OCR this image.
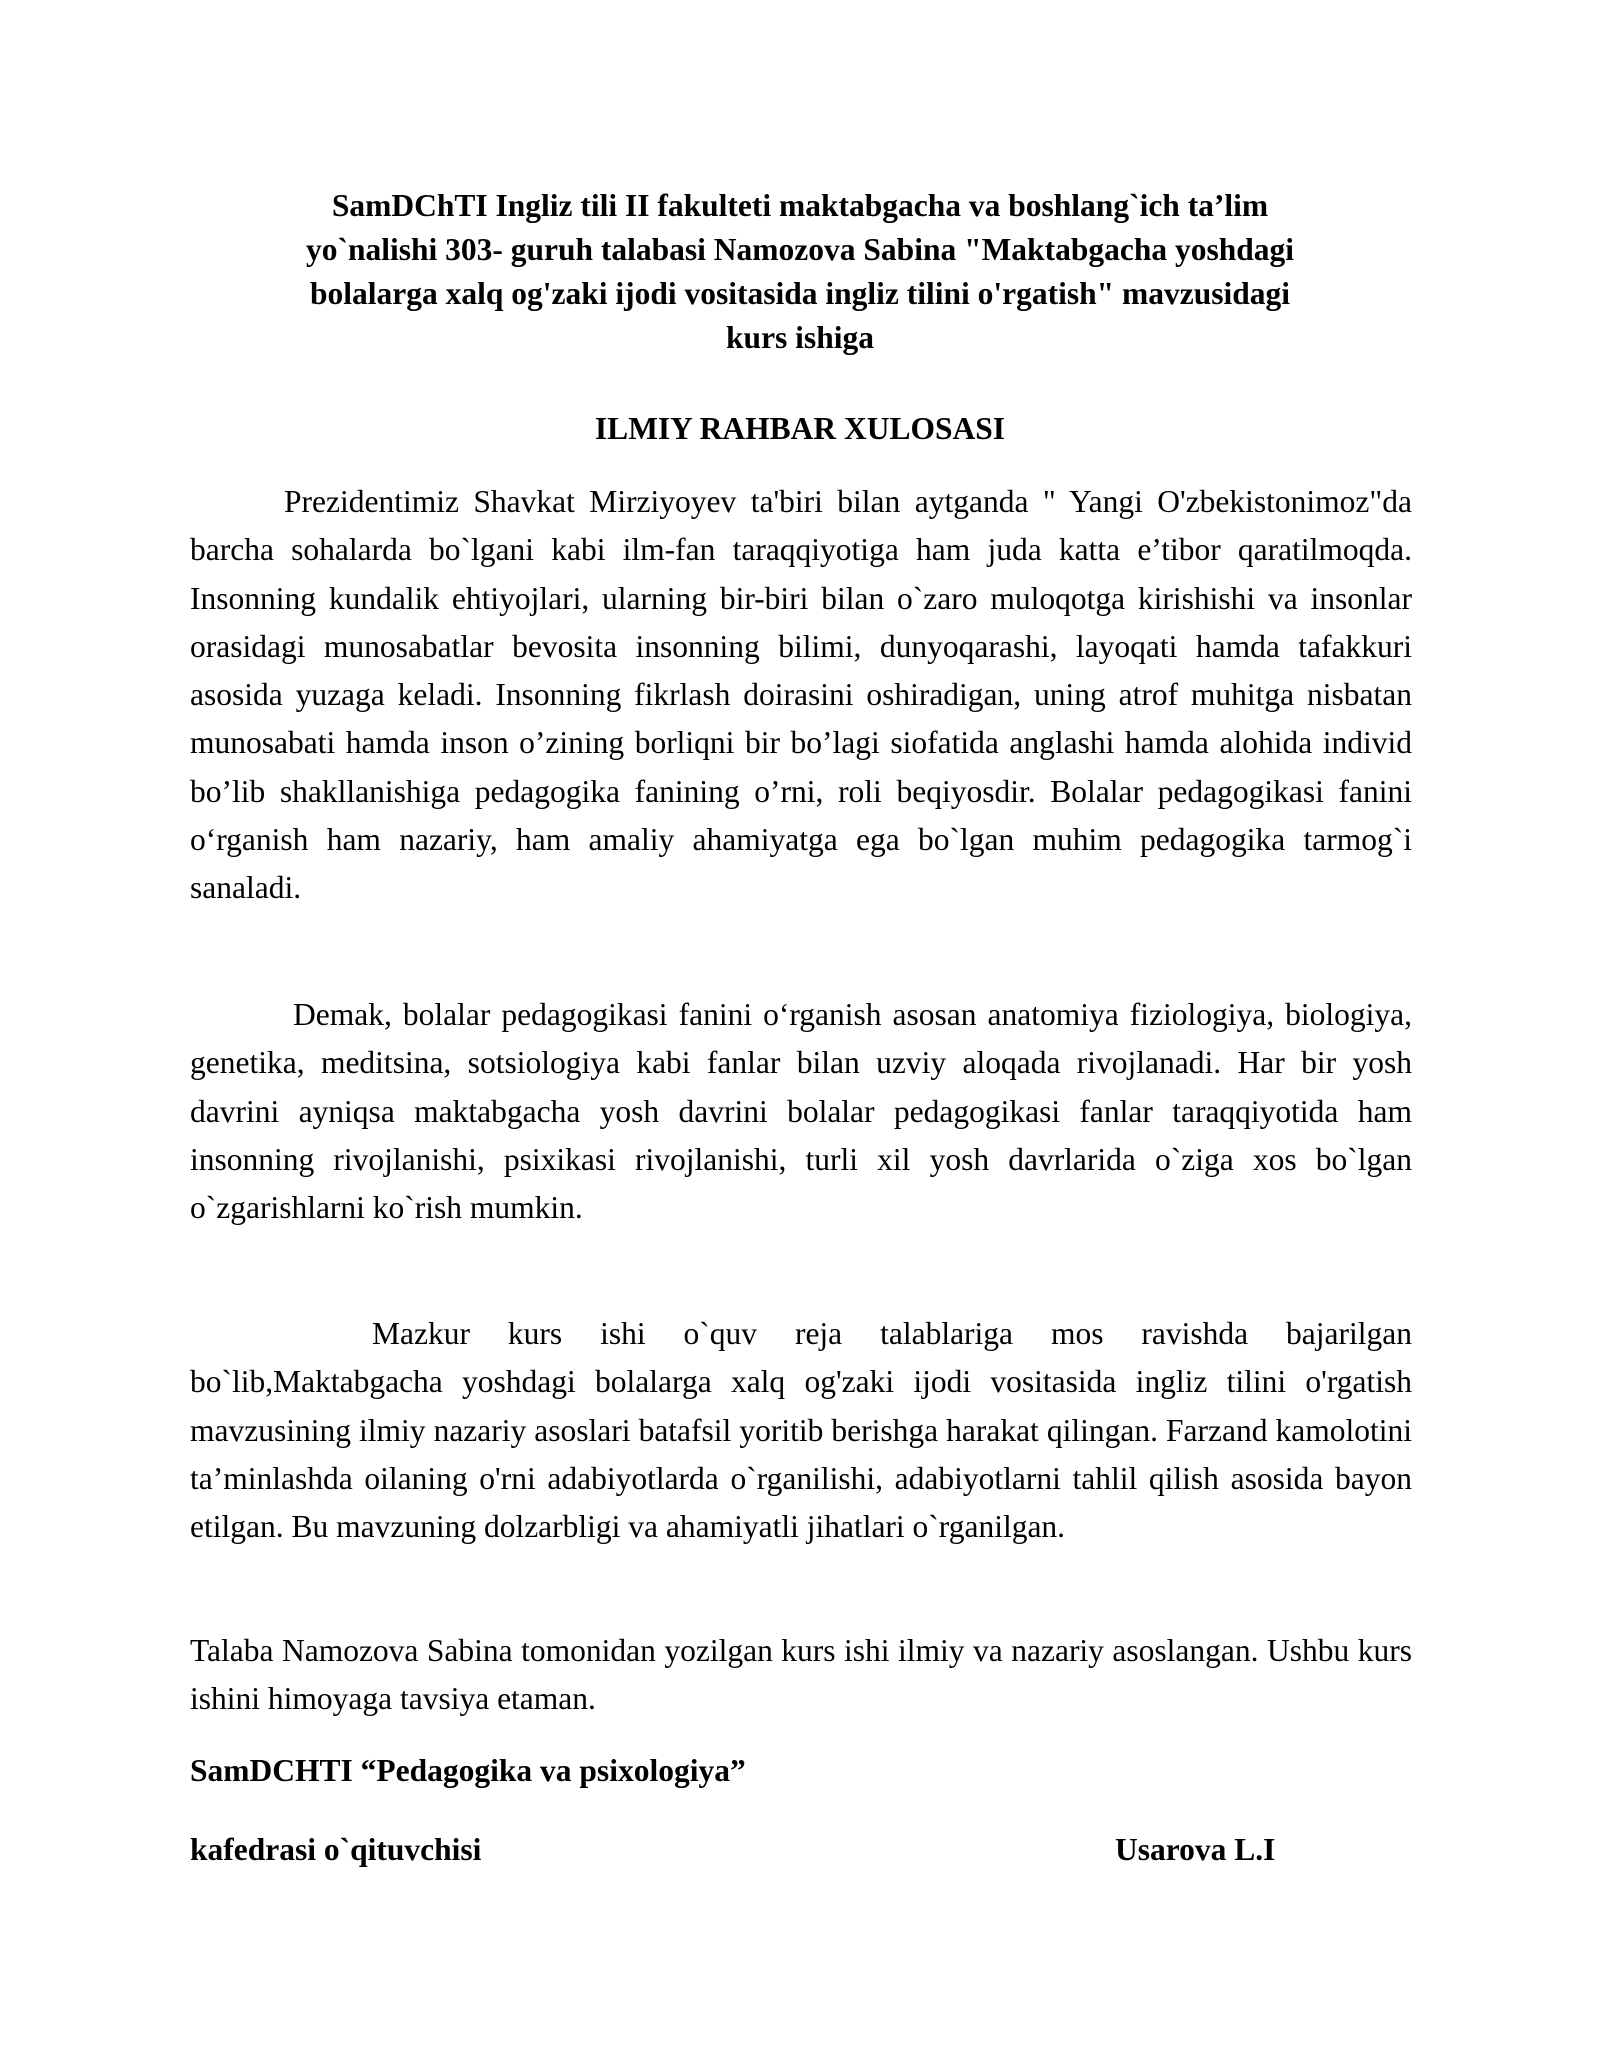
SamDChTI Ingliz tili II fakulteti maktabgacha va boshlang`ich ta’lim
yo`nalishi 303- guruh talabasi Namozova Sabina "Maktabgacha yoshdagi
bolalarga xalq og'zaki ijodi vositasida ingliz tilini o'rgatish" mavzusidagi
kurs ishiga
ILMIY RAHBAR XULOSASI

Prezidentimiz Shavkat Mirziyoyev ta'biri bilan aytganda " Yangi O'zbekistonimoz"da barcha sohalarda bo`lgani kabi ilm-fan taraqqiyotiga ham juda katta e’tibor qaratilmoqda. Insonning kundalik ehtiyojlari, ularning bir-biri bilan o`zaro muloqotga kirishishi va insonlar orasidagi munosabatlar bevosita insonning bilimi, dunyoqarashi, layoqati hamda tafakkuri asosida yuzaga keladi. Insonning fikrlash doirasini oshiradigan, uning atrof muhitga nisbatan munosabati hamda inson o’zining borliqni bir bo’lagi siofatida anglashi hamda alohida individ bo’lib shakllanishiga pedagogika fanining o’rni, roli beqiyosdir. Bolalar pedagogikasi fanini o‘rganish ham nazariy, ham amaliy ahamiyatga ega bo`lgan muhim pedagogika tarmog`i sanaladi.

Demak, bolalar pedagogikasi fanini o‘rganish asosan anatomiya fiziologiya, biologiya, genetika, meditsina, sotsiologiya kabi fanlar bilan uzviy aloqada rivojlanadi. Har bir yosh davrini ayniqsa maktabgacha yosh davrini bolalar pedagogikasi fanlar taraqqiyotida ham insonning rivojlanishi, psixikasi rivojlanishi, turli xil yosh davrlarida o`ziga xos bo`lgan o`zgarishlarni ko`rish mumkin.

Mazkur kurs ishi o`quv reja talablariga mos ravishda bajarilgan bo`lib,Maktabgacha yoshdagi bolalarga xalq og'zaki ijodi vositasida ingliz tilini o'rgatish mavzusining ilmiy nazariy asoslari batafsil yoritib berishga harakat qilingan. Farzand kamolotini ta’minlashda oilaning o'rni adabiyotlarda o`rganilishi, adabiyotlarni tahlil qilish asosida bayon etilgan. Bu mavzuning dolzarbligi va ahamiyatli jihatlari o`rganilgan.

Talaba Namozova Sabina tomonidan yozilgan kurs ishi ilmiy va nazariy asoslangan. Ushbu kurs ishini himoyaga tavsiya etaman.

SamDCHTI “Pedagogika va psixologiya”
kafedrasi o`qituvchisi	Usarova L.I
